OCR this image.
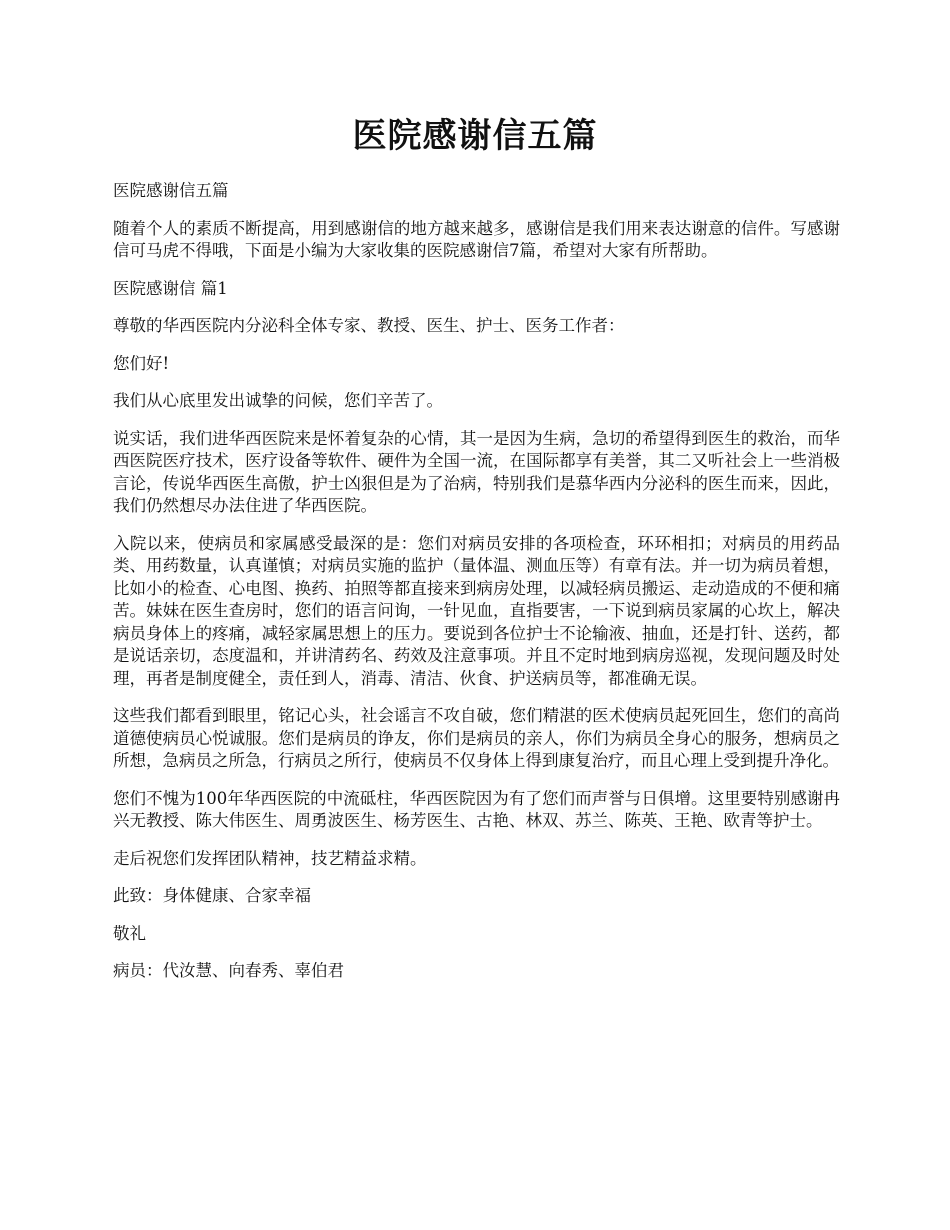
医院感谢信五篇

医院感谢信五篇

随着个人的素质不断提高，用到感谢信的地方越来越多，感谢信是我们用来表达谢意的信件。写感谢信可马虎不得哦，下面是小编为大家收集的医院感谢信7篇，希望对大家有所帮助。

医院感谢信 篇1

尊敬的华西医院内分泌科全体专家、教授、医生、护士、医务工作者：

您们好!

我们从心底里发出诚挚的问候，您们辛苦了。

说实话，我们进华西医院来是怀着复杂的心情，其一是因为生病，急切的希望得到医生的救治，而华西医院医疗技术，医疗设备等软件、硬件为全国一流，在国际都享有美誉，其二又听社会上一些消极言论，传说华西医生高傲，护士凶狠但是为了治病，特别我们是慕华西内分泌科的医生而来，因此，我们仍然想尽办法住进了华西医院。

入院以来，使病员和家属感受最深的是：您们对病员安排的各项检查，环环相扣；对病员的用药品类、用药数量，认真谨慎；对病员实施的监护（量体温、测血压等）有章有法。并一切为病员着想，比如小的检查、心电图、换药、拍照等都直接来到病房处理，以减轻病员搬运、走动造成的不便和痛苦。妹妹在医生查房时，您们的语言问询，一针见血，直指要害，一下说到病员家属的心坎上，解决病员身体上的疼痛，减轻家属思想上的压力。要说到各位护士不论输液、抽血，还是打针、送药，都是说话亲切，态度温和，并讲清药名、药效及注意事项。并且不定时地到病房巡视，发现问题及时处理，再者是制度健全，责任到人，消毒、清洁、伙食、护送病员等，都准确无误。

这些我们都看到眼里，铭记心头，社会谣言不攻自破，您们精湛的医术使病员起死回生，您们的高尚道德使病员心悦诚服。您们是病员的诤友，你们是病员的亲人，你们为病员全身心的服务，想病员之所想，急病员之所急，行病员之所行，使病员不仅身体上得到康复治疗，而且心理上受到提升净化。

您们不愧为100年华西医院的中流砥柱，华西医院因为有了您们而声誉与日俱增。这里要特别感谢冉兴无教授、陈大伟医生、周勇波医生、杨芳医生、古艳、林双、苏兰、陈英、王艳、欧青等护士。

走后祝您们发挥团队精神，技艺精益求精。

此致：身体健康、合家幸福

敬礼

病员：代汝慧、向春秀、辜伯君
